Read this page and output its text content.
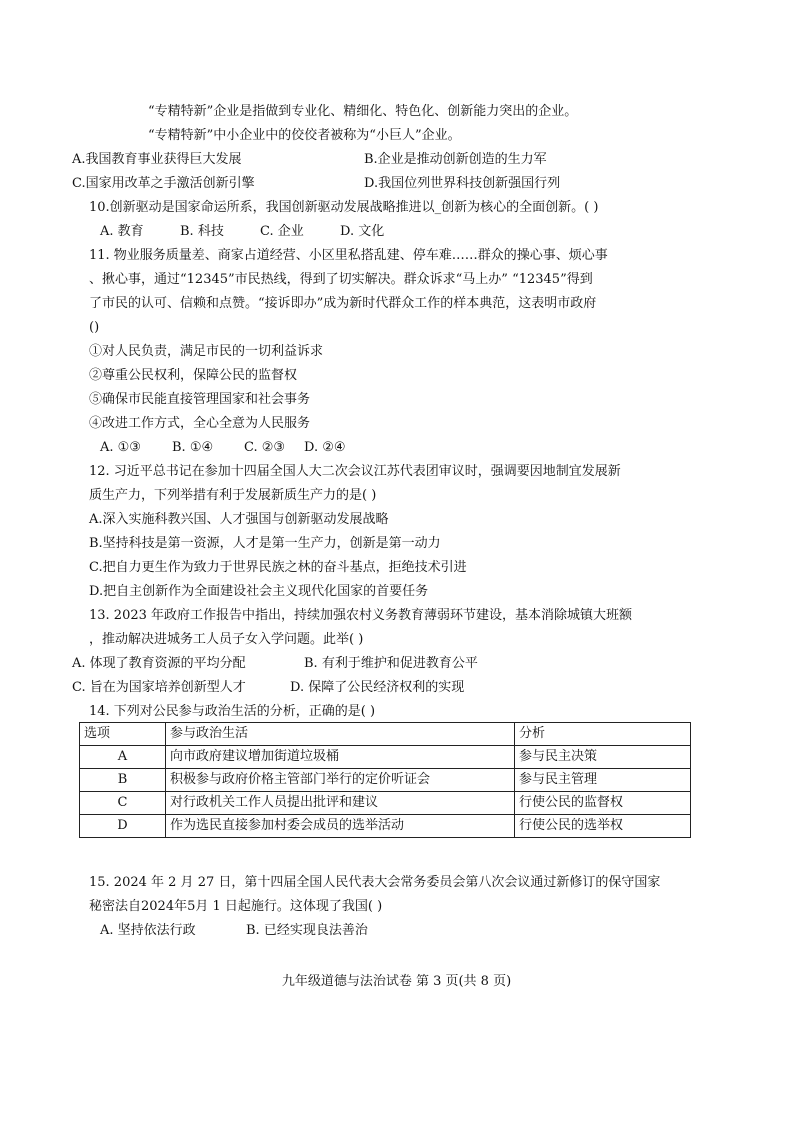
“专精特新”企业是指做到专业化、精细化、特色化、创新能力突出的企业。
“专精特新”中小企业中的佼佼者被称为“小巨人”企业。
A.我国教育事业获得巨大发展	B.企业是推动创新创造的生力军
C.国家用改革之手激活创新引擎	D.我国位列世界科技创新强国行列
10.创新驱动是国家命运所系，我国创新驱动发展战略推进以_创新为核心的全面创新。( )
A. 教育	B. 科技	C. 企业	D. 文化
11. 物业服务质量差、商家占道经营、小区里私搭乱建、停车难……群众的操心事、烦心事
、揪心事，通过“12345”市民热线，得到了切实解决。群众诉求“马上办” “12345”得到
了市民的认可、信赖和点赞。“接诉即办”成为新时代群众工作的样本典范，这表明市政府
()
①对人民负责，满足市民的一切利益诉求
②尊重公民权利，保障公民的监督权
⑤确保市民能直接管理国家和社会事务
④改进工作方式，全心全意为人民服务
A. ①③ B. ①④ C. ②③ D. ②④
12. 习近平总书记在参加十四届全国人大二次会议江苏代表团审议时，强调要因地制宜发展新
质生产力，下列举措有利于发展新质生产力的是( )
A.深入实施科教兴国、人才强国与创新驱动发展战略
B.坚持科技是第一资源，人才是第一生产力，创新是第一动力
C.把自力更生作为致力于世界民族之林的奋斗基点，拒绝技术引进
D.把自主创新作为全面建设社会主义现代化国家的首要任务
13. 2023 年政府工作报告中指出，持续加强农村义务教育薄弱环节建设，基本消除城镇大班额
，推动解决进城务工人员子女入学问题。此举( )
A. 体现了教育资源的平均分配	B. 有利于维护和促进教育公平
C. 旨在为国家培养创新型人才	D. 保障了公民经济权利的实现
14. 下列对公民参与政治生活的分析，正确的是( )
选项	参与政治生活	分析
A	向市政府建议增加街道垃圾桶	参与民主决策
B	积极参与政府价格主管部门举行的定价听证会	参与民主管理
C	对行政机关工作人员提出批评和建议	行使公民的监督权
D	作为选民直接参加村委会成员的选举活动	行使公民的选举权
15. 2024 年 2 月 27 日，第十四届全国人民代表大会常务委员会第八次会议通过新修订的保守国家
秘密法自2024年5月 1 日起施行。这体现了我国( )
A. 坚持依法行政	B. 已经实现良法善治
九年级道德与法治试卷 第 3 页(共 8 页)
